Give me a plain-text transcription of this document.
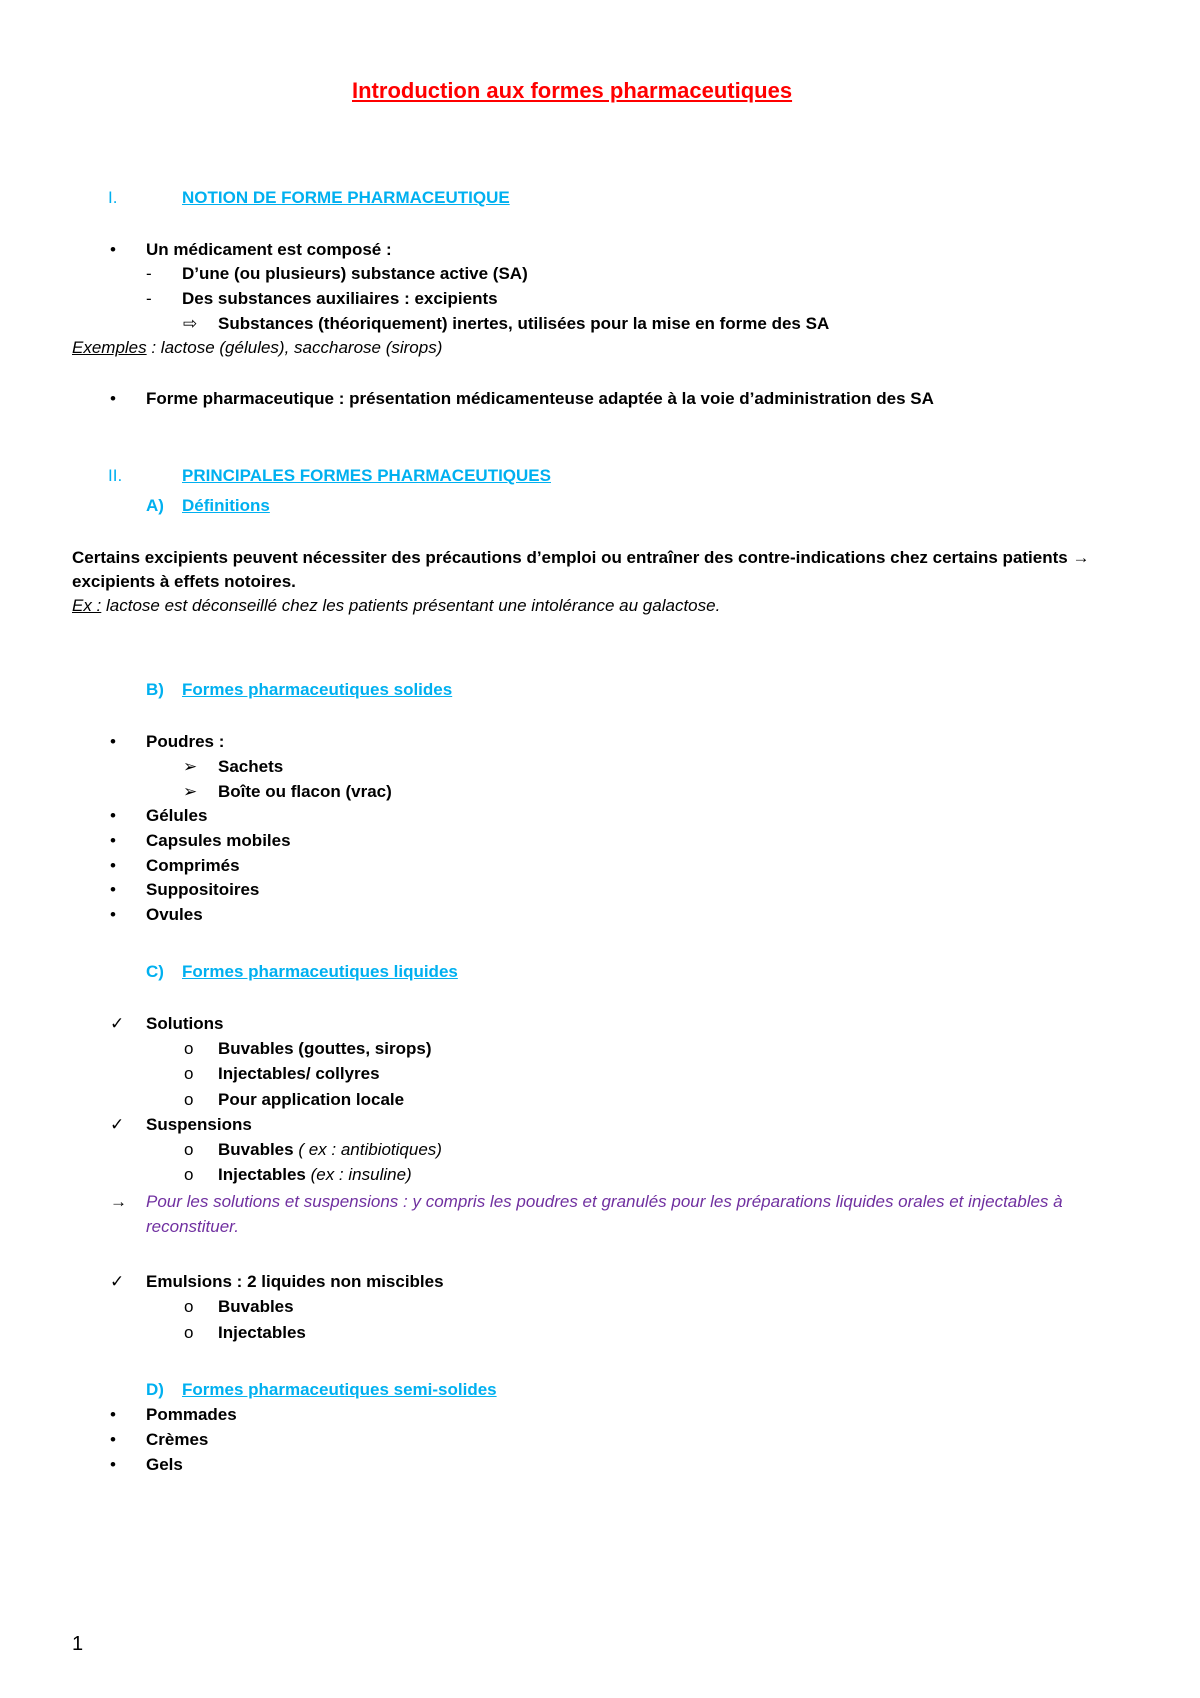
Introduction aux formes pharmaceutiques
I.	NOTION DE FORME PHARMACEUTIQUE
• Un médicament est composé :
- D’une (ou plusieurs) substance active (SA)
- Des substances auxiliaires : excipients
⇨ Substances (théoriquement) inertes, utilisées pour la mise en forme des SA
Exemples : lactose (gélules), saccharose (sirops)
• Forme pharmaceutique : présentation médicamenteuse adaptée à la voie d’administration des SA
II.	PRINCIPALES FORMES PHARMACEUTIQUES
A) Définitions
Certains excipients peuvent nécessiter des précautions d’emploi ou entraîner des contre-indications chez certains patients →
excipients à effets notoires.
Ex : lactose est déconseillé chez les patients présentant une intolérance au galactose.
B) Formes pharmaceutiques solides
• Poudres :
➢ Sachets
➢ Boîte ou flacon (vrac)
• Gélules
• Capsules mobiles
• Comprimés
• Suppositoires
• Ovules
C) Formes pharmaceutiques liquides
✓ Solutions
o Buvables (gouttes, sirops)
o Injectables/ collyres
o Pour application locale
✓ Suspensions
o Buvables ( ex : antibiotiques)
o Injectables (ex : insuline)
→ Pour les solutions et suspensions : y compris les poudres et granulés pour les préparations liquides orales et injectables à
reconstituer.
✓ Emulsions : 2 liquides non miscibles
o Buvables
o Injectables
D) Formes pharmaceutiques semi-solides
• Pommades
• Crèmes
• Gels
1
